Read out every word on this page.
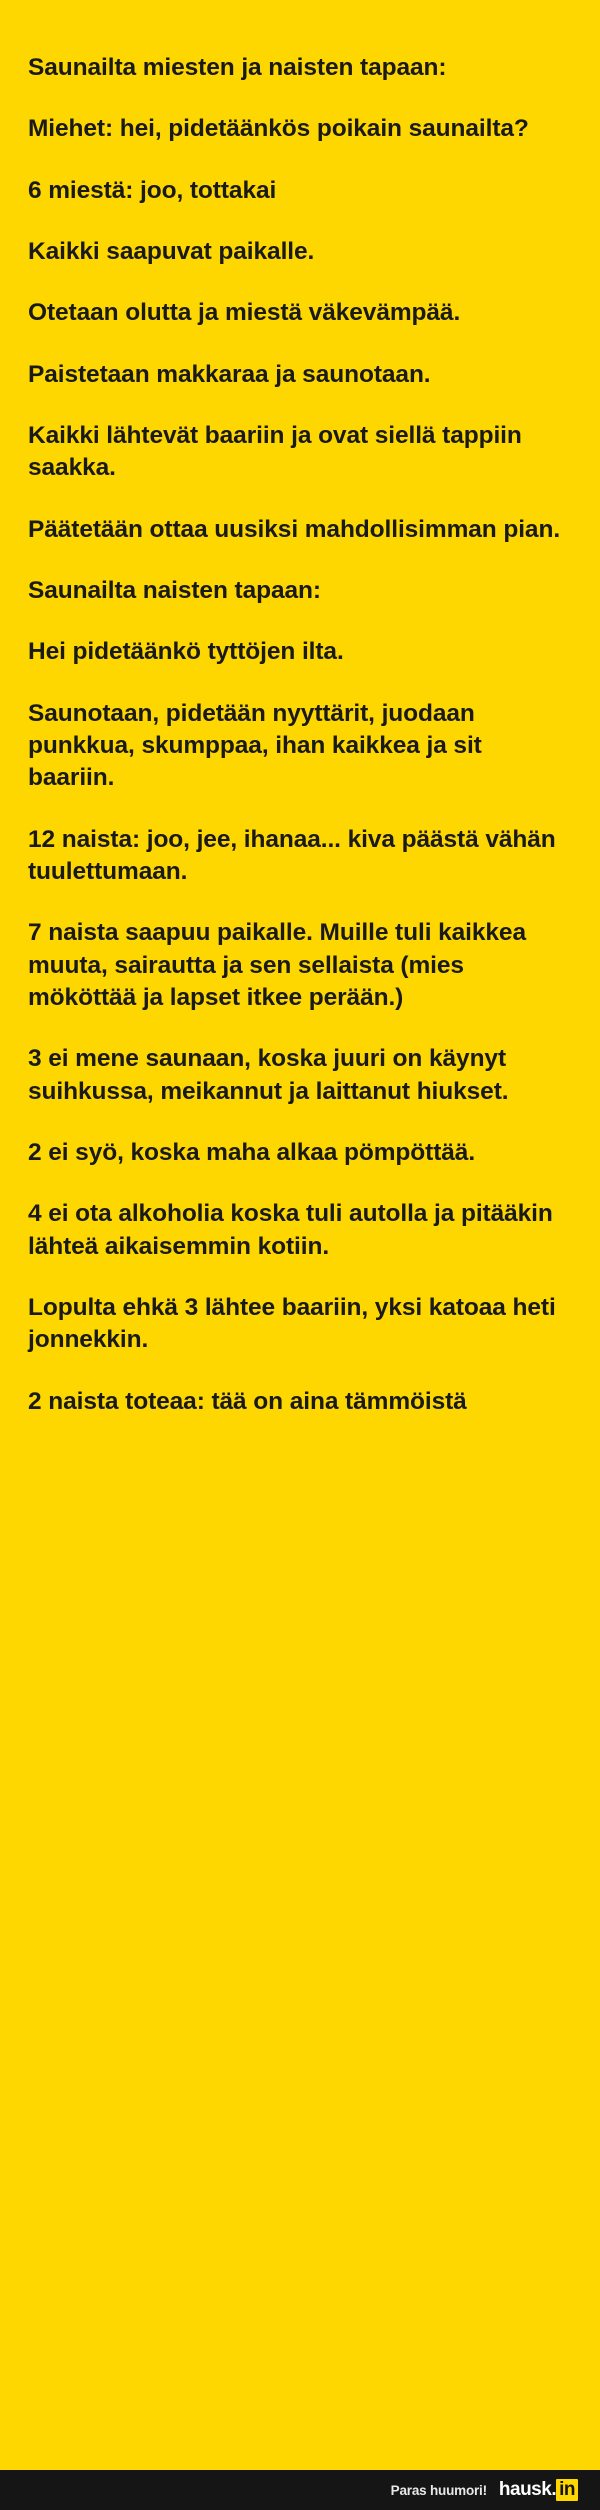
Saunailta miesten ja naisten tapaan:

Miehet: hei, pidetäänkös poikain saunailta?

6 miestä: joo, tottakai

Kaikki saapuvat paikalle.

Otetaan olutta ja miestä väkevämpää.

Paistetaan makkaraa ja saunotaan.

Kaikki lähtevät baariin ja ovat siellä tappiin saakka.

Päätetään ottaa uusiksi mahdollisimman pian.

Saunailta naisten tapaan:

Hei pidetäänkö tyttöjen ilta.

Saunotaan, pidetään nyyttärit, juodaan punkkua, skumppaa, ihan kaikkea ja sit baariin.

12 naista: joo, jee, ihanaa... kiva päästä vähän tuulettumaan.

7 naista saapuu paikalle. Muille tuli kaikkea muuta, sairautta ja sen sellaista (mies mököttää ja lapset itkee perään.)

3 ei mene saunaan, koska juuri on käynyt suihkussa, meikannut ja laittanut hiukset.

2 ei syö, koska maha alkaa pömpöttää.

4 ei ota alkoholia koska tuli autolla ja pitääkin lähteä aikaisemmin kotiin.

Lopulta ehkä 3 lähtee baariin, yksi katoaa heti jonnekkin.

2 naista toteaa: tää on aina tämmöistä

Paras huumori! hausk . in
